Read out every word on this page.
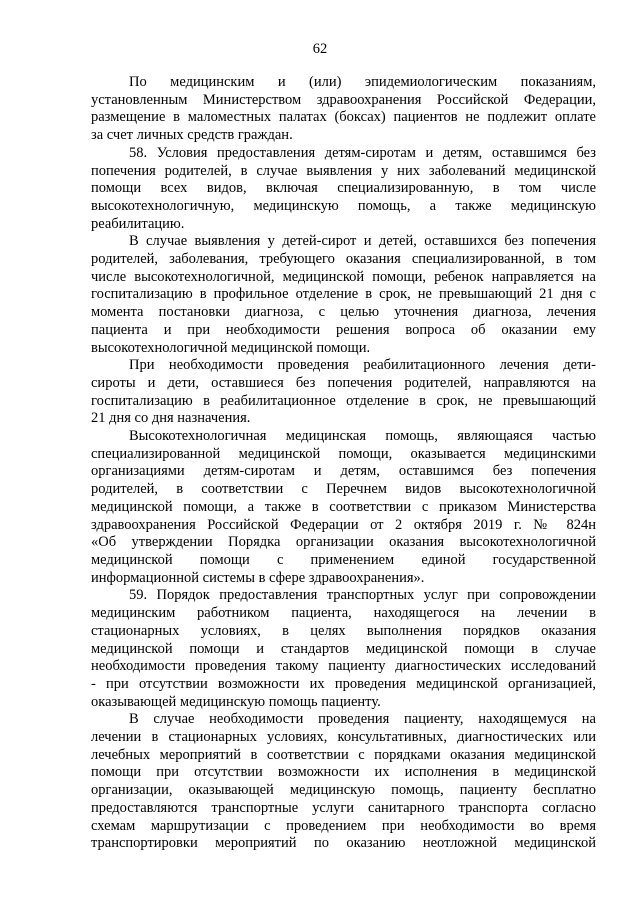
62
По медицинским и (или) эпидемиологическим показаниям,
установленным Министерством здравоохранения Российской Федерации,
размещение в маломестных палатах (боксах) пациентов не подлежит оплате
за счет личных средств граждан.
58. Условия предоставления детям-сиротам и детям, оставшимся без
попечения родителей, в случае выявления у них заболеваний медицинской
помощи всех видов, включая специализированную, в том числе
высокотехнологичную, медицинскую помощь, а также медицинскую
реабилитацию.
В случае выявления у детей-сирот и детей, оставшихся без попечения
родителей, заболевания, требующего оказания специализированной, в том
числе высокотехнологичной, медицинской помощи, ребенок направляется на
госпитализацию в профильное отделение в срок, не превышающий 21 дня с
момента постановки диагноза, с целью уточнения диагноза, лечения
пациента и при необходимости решения вопроса об оказании ему
высокотехнологичной медицинской помощи.
При необходимости проведения реабилитационного лечения дети-
сироты и дети, оставшиеся без попечения родителей, направляются на
госпитализацию в реабилитационное отделение в срок, не превышающий
21 дня со дня назначения.
Высокотехнологичная медицинская помощь, являющаяся частью
специализированной медицинской помощи, оказывается медицинскими
организациями детям-сиротам и детям, оставшимся без попечения
родителей, в соответствии с Перечнем видов высокотехнологичной
медицинской помощи, а также в соответствии с приказом Министерства
здравоохранения Российской Федерации от 2 октября 2019 г. № 824н
«Об утверждении Порядка организации оказания высокотехнологичной
медицинской помощи с применением единой государственной
информационной системы в сфере здравоохранения».
59. Порядок предоставления транспортных услуг при сопровождении
медицинским работником пациента, находящегося на лечении в
стационарных условиях, в целях выполнения порядков оказания
медицинской помощи и стандартов медицинской помощи в случае
необходимости проведения такому пациенту диагностических исследований
- при отсутствии возможности их проведения медицинской организацией,
оказывающей медицинскую помощь пациенту.
В случае необходимости проведения пациенту, находящемуся на
лечении в стационарных условиях, консультативных, диагностических или
лечебных мероприятий в соответствии с порядками оказания медицинской
помощи при отсутствии возможности их исполнения в медицинской
организации, оказывающей медицинскую помощь, пациенту бесплатно
предоставляются транспортные услуги санитарного транспорта согласно
схемам маршрутизации с проведением при необходимости во время
транспортировки мероприятий по оказанию неотложной медицинской
